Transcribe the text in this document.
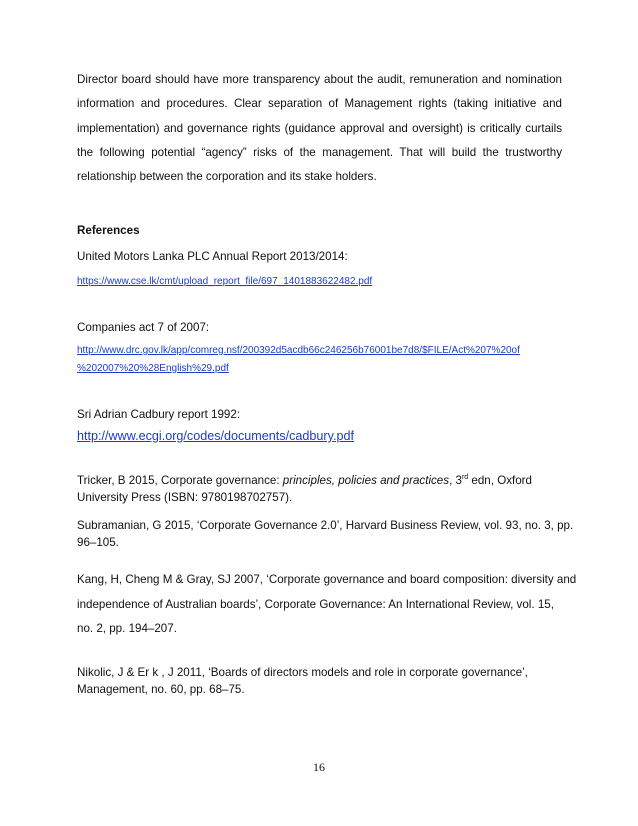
Director board should have more transparency about the audit, remuneration and nomination information and procedures. Clear separation of Management rights (taking initiative and implementation) and governance rights (guidance approval and oversight) is critically curtails the following potential “agency” risks of the management. That will build the trustworthy relationship between the corporation and its stake holders.
References
United Motors Lanka PLC Annual Report 2013/2014:
https://www.cse.lk/cmt/upload_report_file/697_1401883622482.pdf
Companies act 7 of 2007:
http://www.drc.gov.lk/app/comreg.nsf/200392d5acdb66c246256b76001be7d8/$FILE/Act%207%20of
%202007%20%28English%29.pdf
Sri Adrian Cadbury report 1992:
http://www.ecgi.org/codes/documents/cadbury.pdf
Tricker, B 2015, Corporate governance: principles, policies and practices, 3rd edn, Oxford
University Press (ISBN: 9780198702757).
Subramanian, G 2015, ‘Corporate Governance 2.0’, Harvard Business Review, vol. 93, no. 3, pp.
96–105.
Kang, H, Cheng M & Gray, SJ 2007, ‘Corporate governance and board composition: diversity and
independence of Australian boards’, Corporate Governance: An International Review, vol. 15,
no. 2, pp. 194–207.
Nikolic, J & Er k , J 2011, ‘Boards of directors models and role in corporate governance’,
Management, no. 60, pp. 68–75.
16
